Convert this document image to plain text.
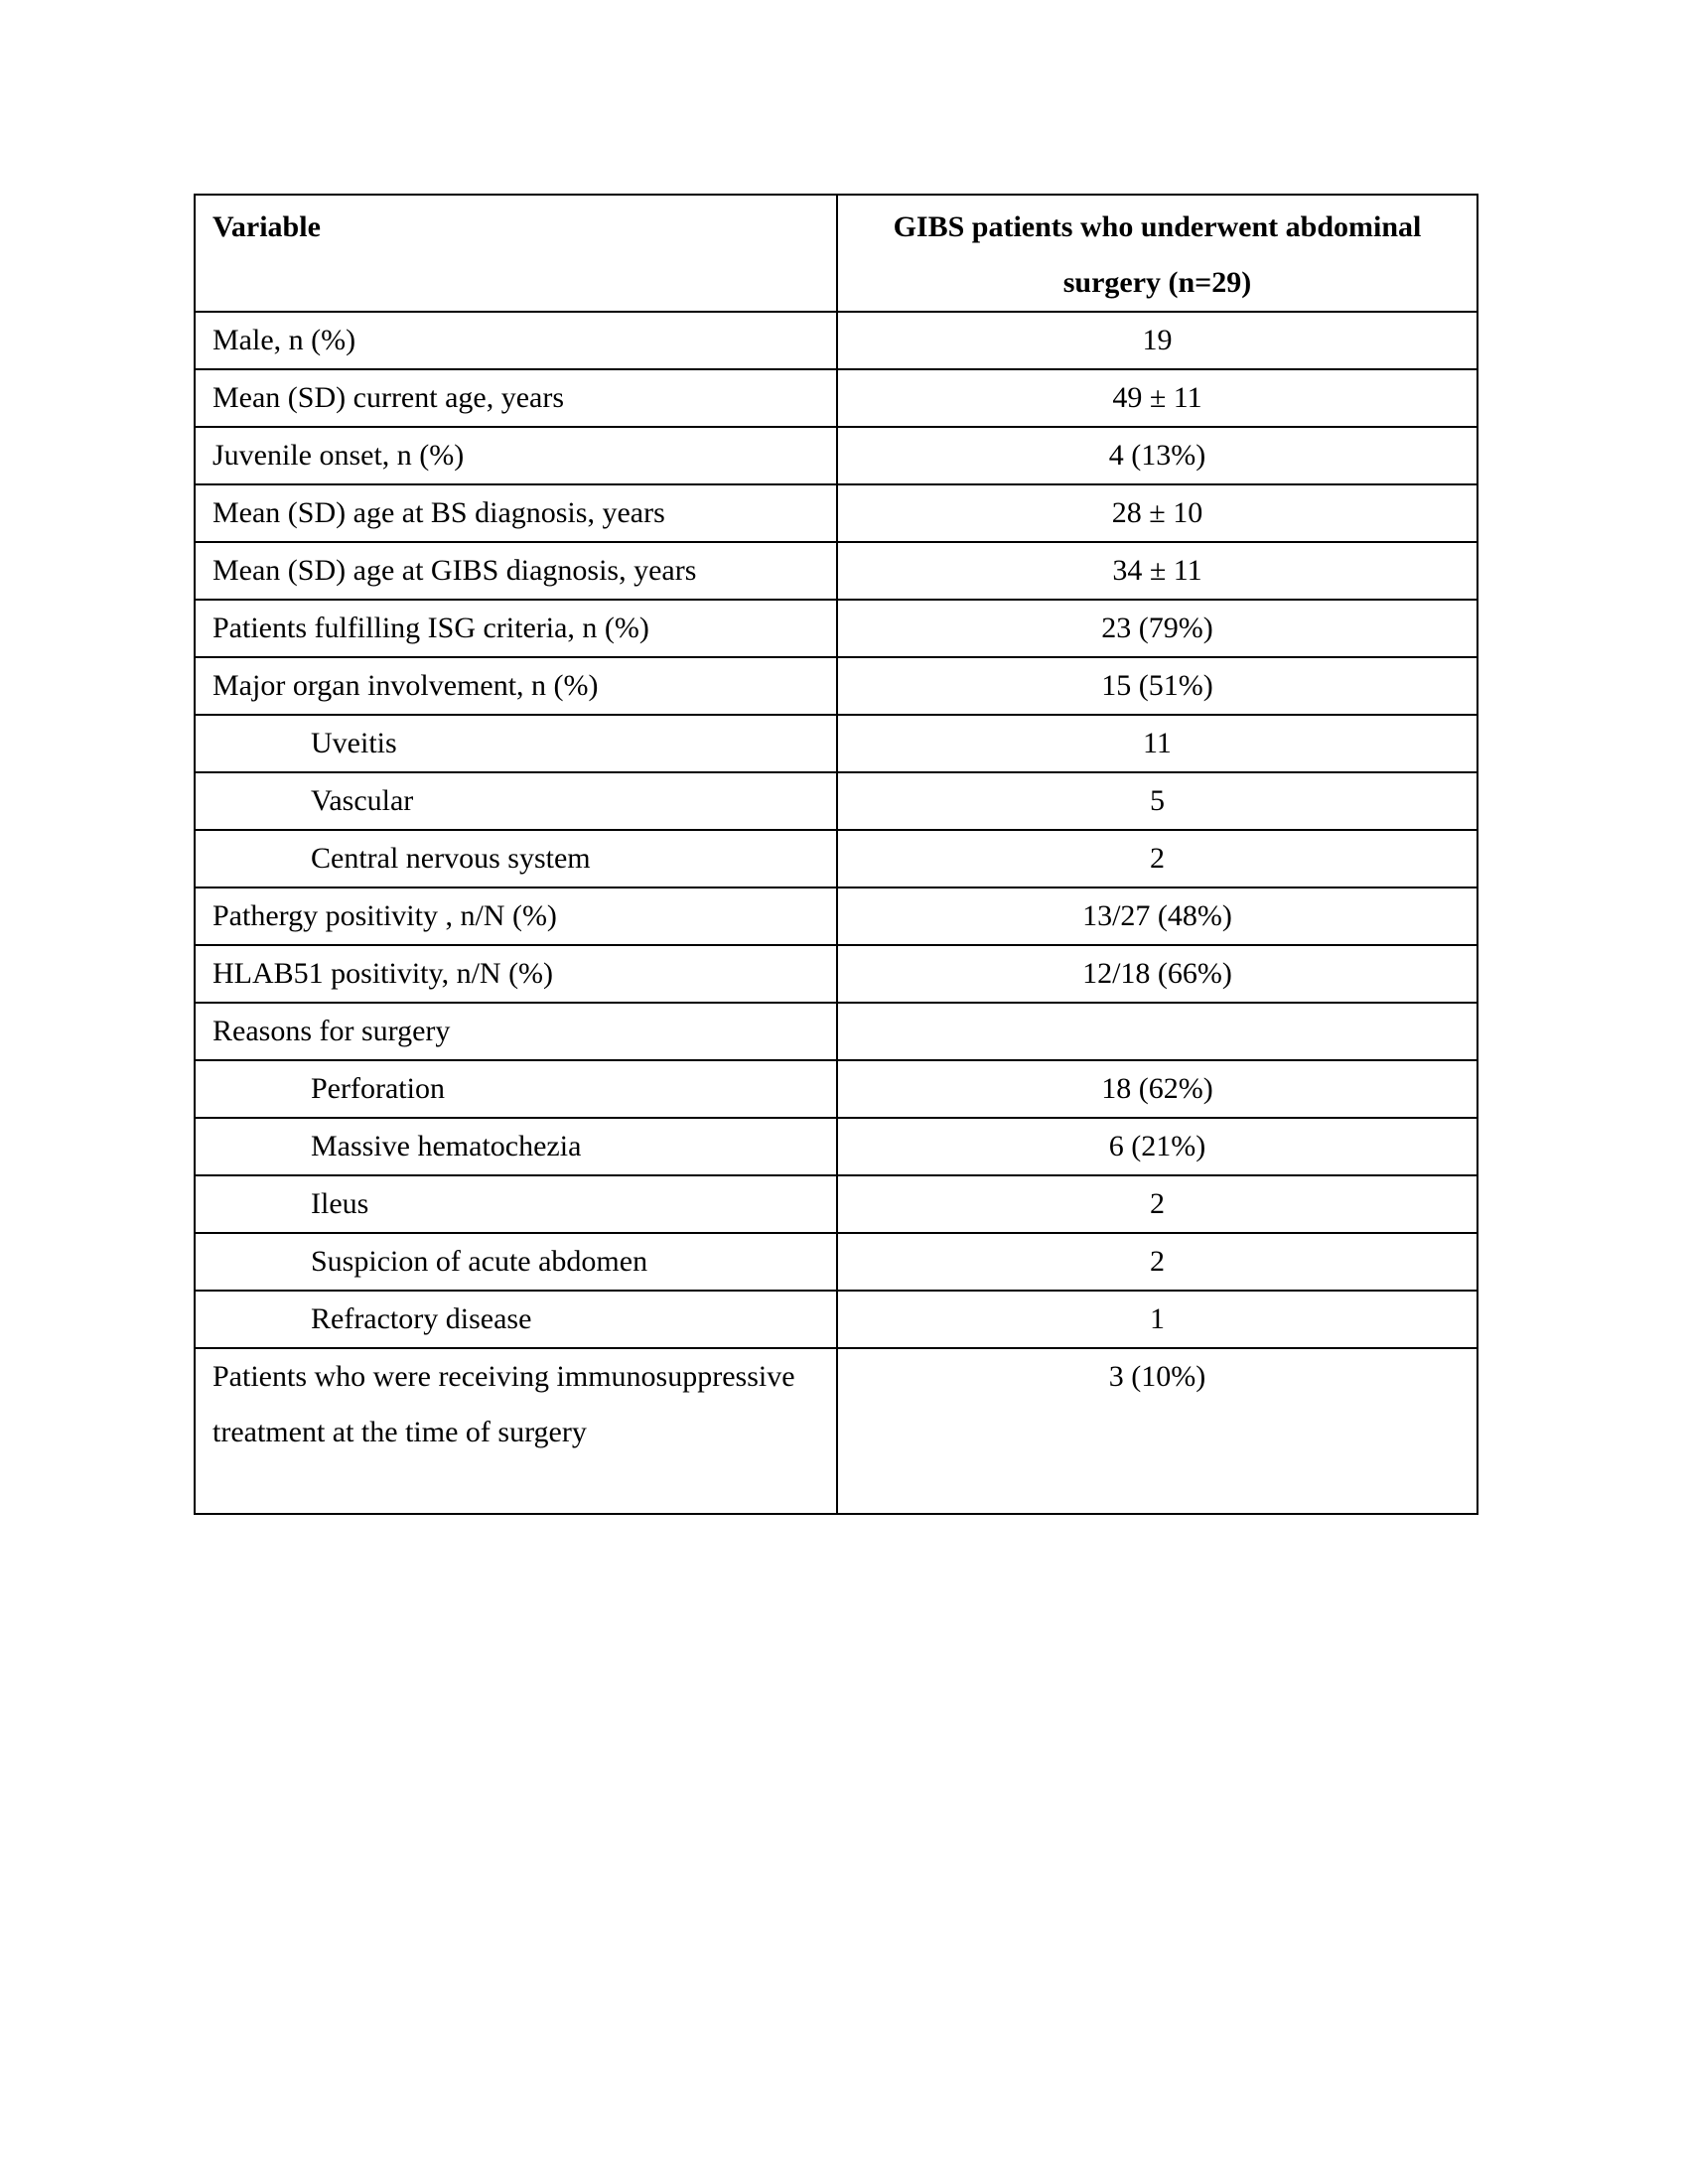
Variable	GIBS patients who underwent abdominal surgery (n=29)
Male, n (%)	19
Mean (SD) current age, years	49 ± 11
Juvenile onset, n (%)	4 (13%)
Mean (SD) age at BS diagnosis, years	28 ± 10
Mean (SD) age at GIBS diagnosis, years	34 ± 11
Patients fulfilling ISG criteria, n (%)	23 (79%)
Major organ involvement, n (%)	15 (51%)
Uveitis	11
Vascular	5
Central nervous system	2
Pathergy positivity , n/N (%)	13/27 (48%)
HLAB51 positivity, n/N (%)	12/18 (66%)
Reasons for surgery	
Perforation	18 (62%)
Massive hematochezia	6 (21%)
Ileus	2
Suspicion of acute abdomen	2
Refractory disease	1
Patients who were receiving immunosuppressive treatment at the time of surgery	3 (10%)
